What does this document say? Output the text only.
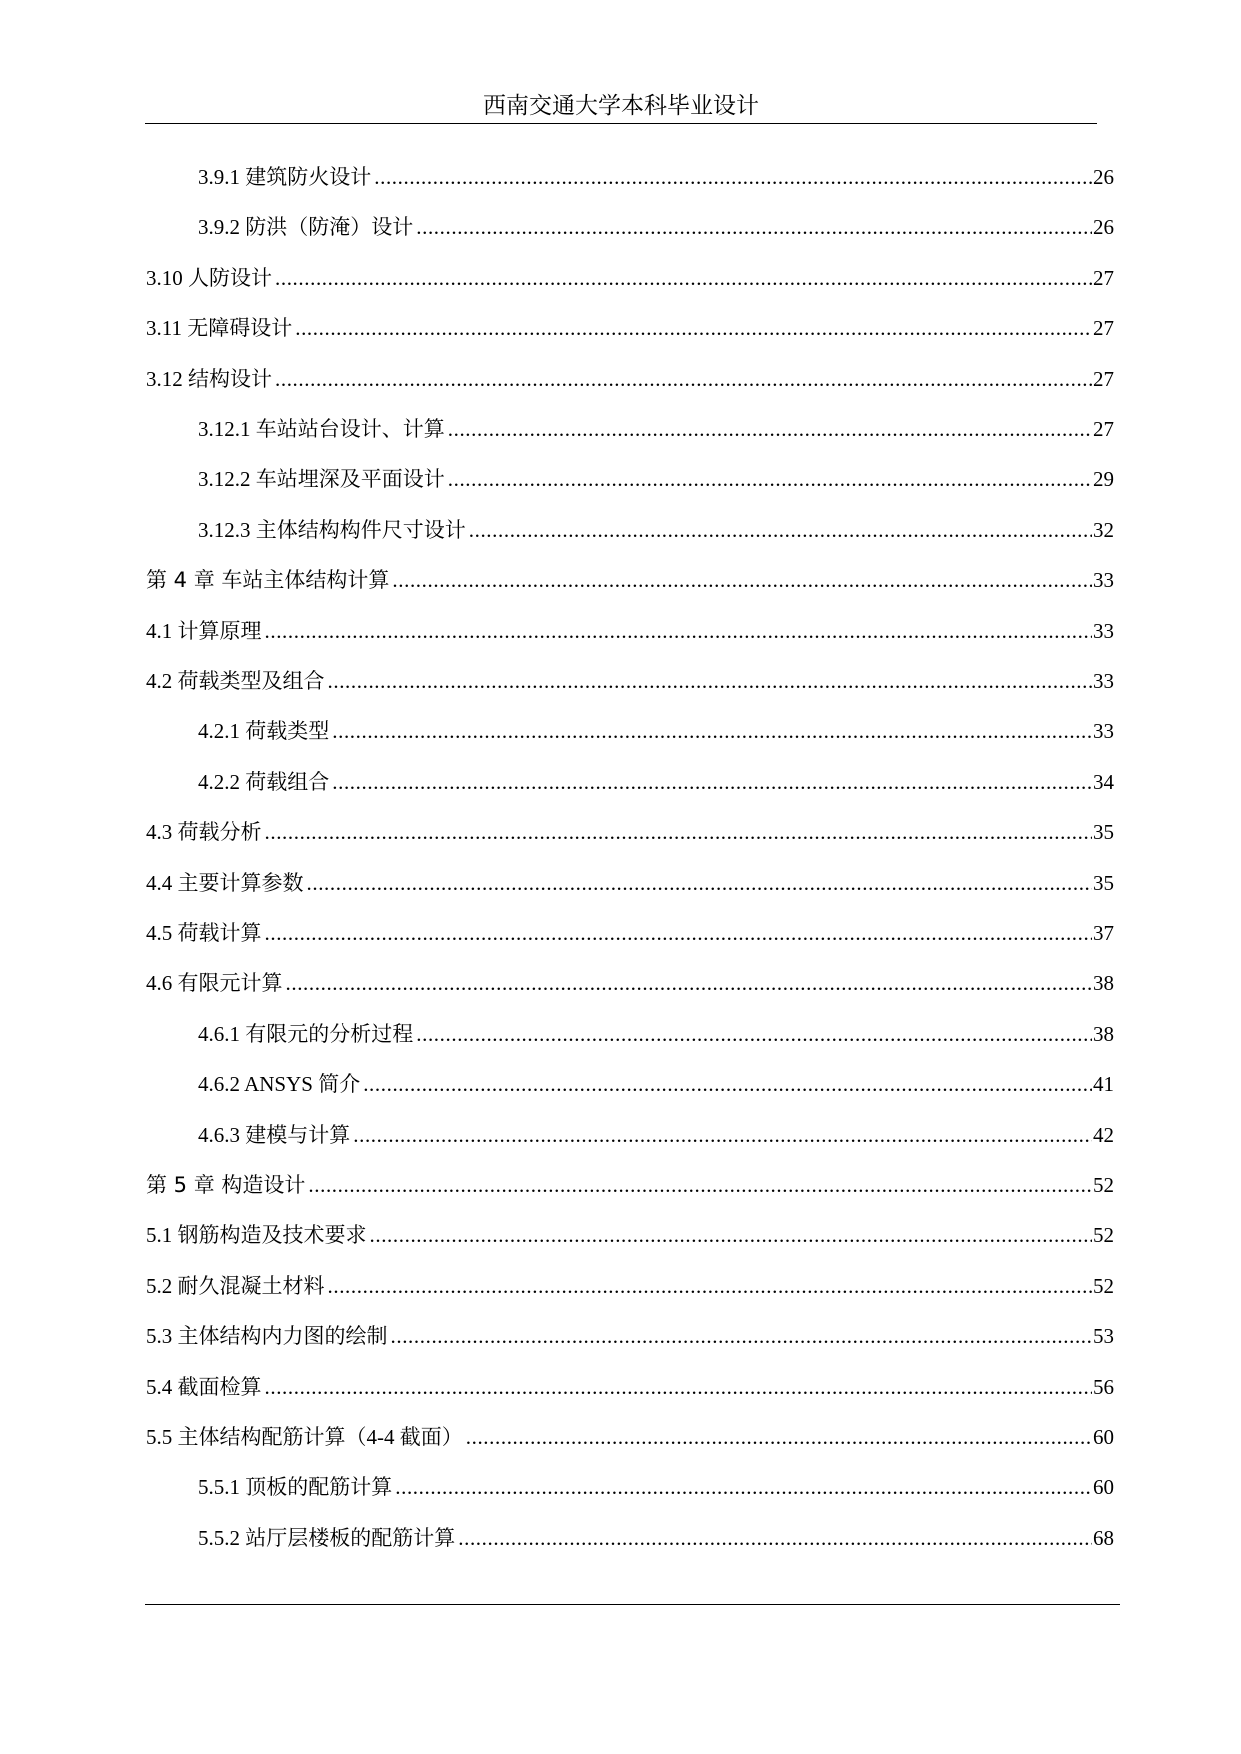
西南交通大学本科毕业设计
3.9.1 建筑防火设计 .....	26
3.9.2 防洪（防淹）设计 .....	26
3.10 人防设计 .....	27
3.11 无障碍设计 .....	27
3.12 结构设计 .....	27
3.12.1 车站站台设计、计算 .....	27
3.12.2 车站埋深及平面设计 .....	29
3.12.3 主体结构构件尺寸设计 .....	32
第 4 章 车站主体结构计算 .....	33
4.1 计算原理 .....	33
4.2 荷载类型及组合 .....	33
4.2.1 荷载类型 .....	33
4.2.2 荷载组合 .....	34
4.3 荷载分析 .....	35
4.4 主要计算参数 .....	35
4.5 荷载计算 .....	37
4.6 有限元计算 .....	38
4.6.1 有限元的分析过程 .....	38
4.6.2 ANSYS 简介 .....	41
4.6.3 建模与计算 .....	42
第 5 章 构造设计 .....	52
5.1 钢筋构造及技术要求 .....	52
5.2 耐久混凝土材料 .....	52
5.3 主体结构内力图的绘制 .....	53
5.4 截面检算 .....	56
5.5 主体结构配筋计算（4-4 截面） .....	60
5.5.1 顶板的配筋计算 .....	60
5.5.2 站厅层楼板的配筋计算 .....	68
